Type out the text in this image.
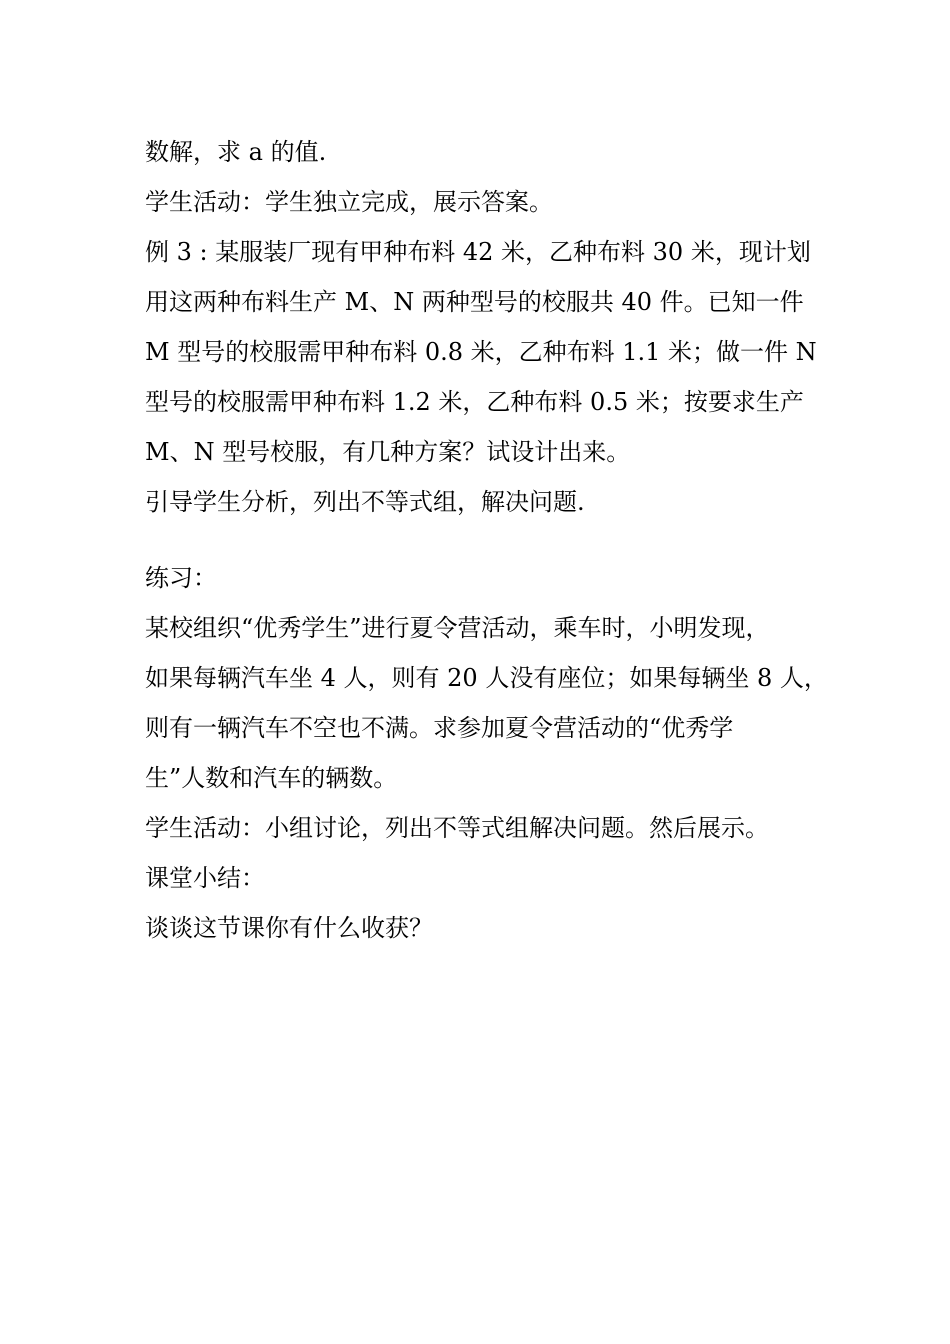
数解，求 a 的值.
学生活动：学生独立完成，展示答案。
例 3 : 某服装厂现有甲种布料 42 米，乙种布料 30 米，现计划
用这两种布料生产 M、N 两种型号的校服共 40 件。已知一件
M 型号的校服需甲种布料 0.8 米，乙种布料 1.1 米；做一件 N
型号的校服需甲种布料 1.2 米，乙种布料 0.5 米；按要求生产
M、N 型号校服，有几种方案？试设计出来。
引导学生分析，列出不等式组，解决问题.
练习：
某校组织“优秀学生”进行夏令营活动，乘车时，小明发现，
如果每辆汽车坐 4 人，则有 20 人没有座位；如果每辆坐 8 人，
则有一辆汽车不空也不满。求参加夏令营活动的“优秀学
生”人数和汽车的辆数。
学生活动：小组讨论，列出不等式组解决问题。然后展示。
课堂小结：
谈谈这节课你有什么收获？
